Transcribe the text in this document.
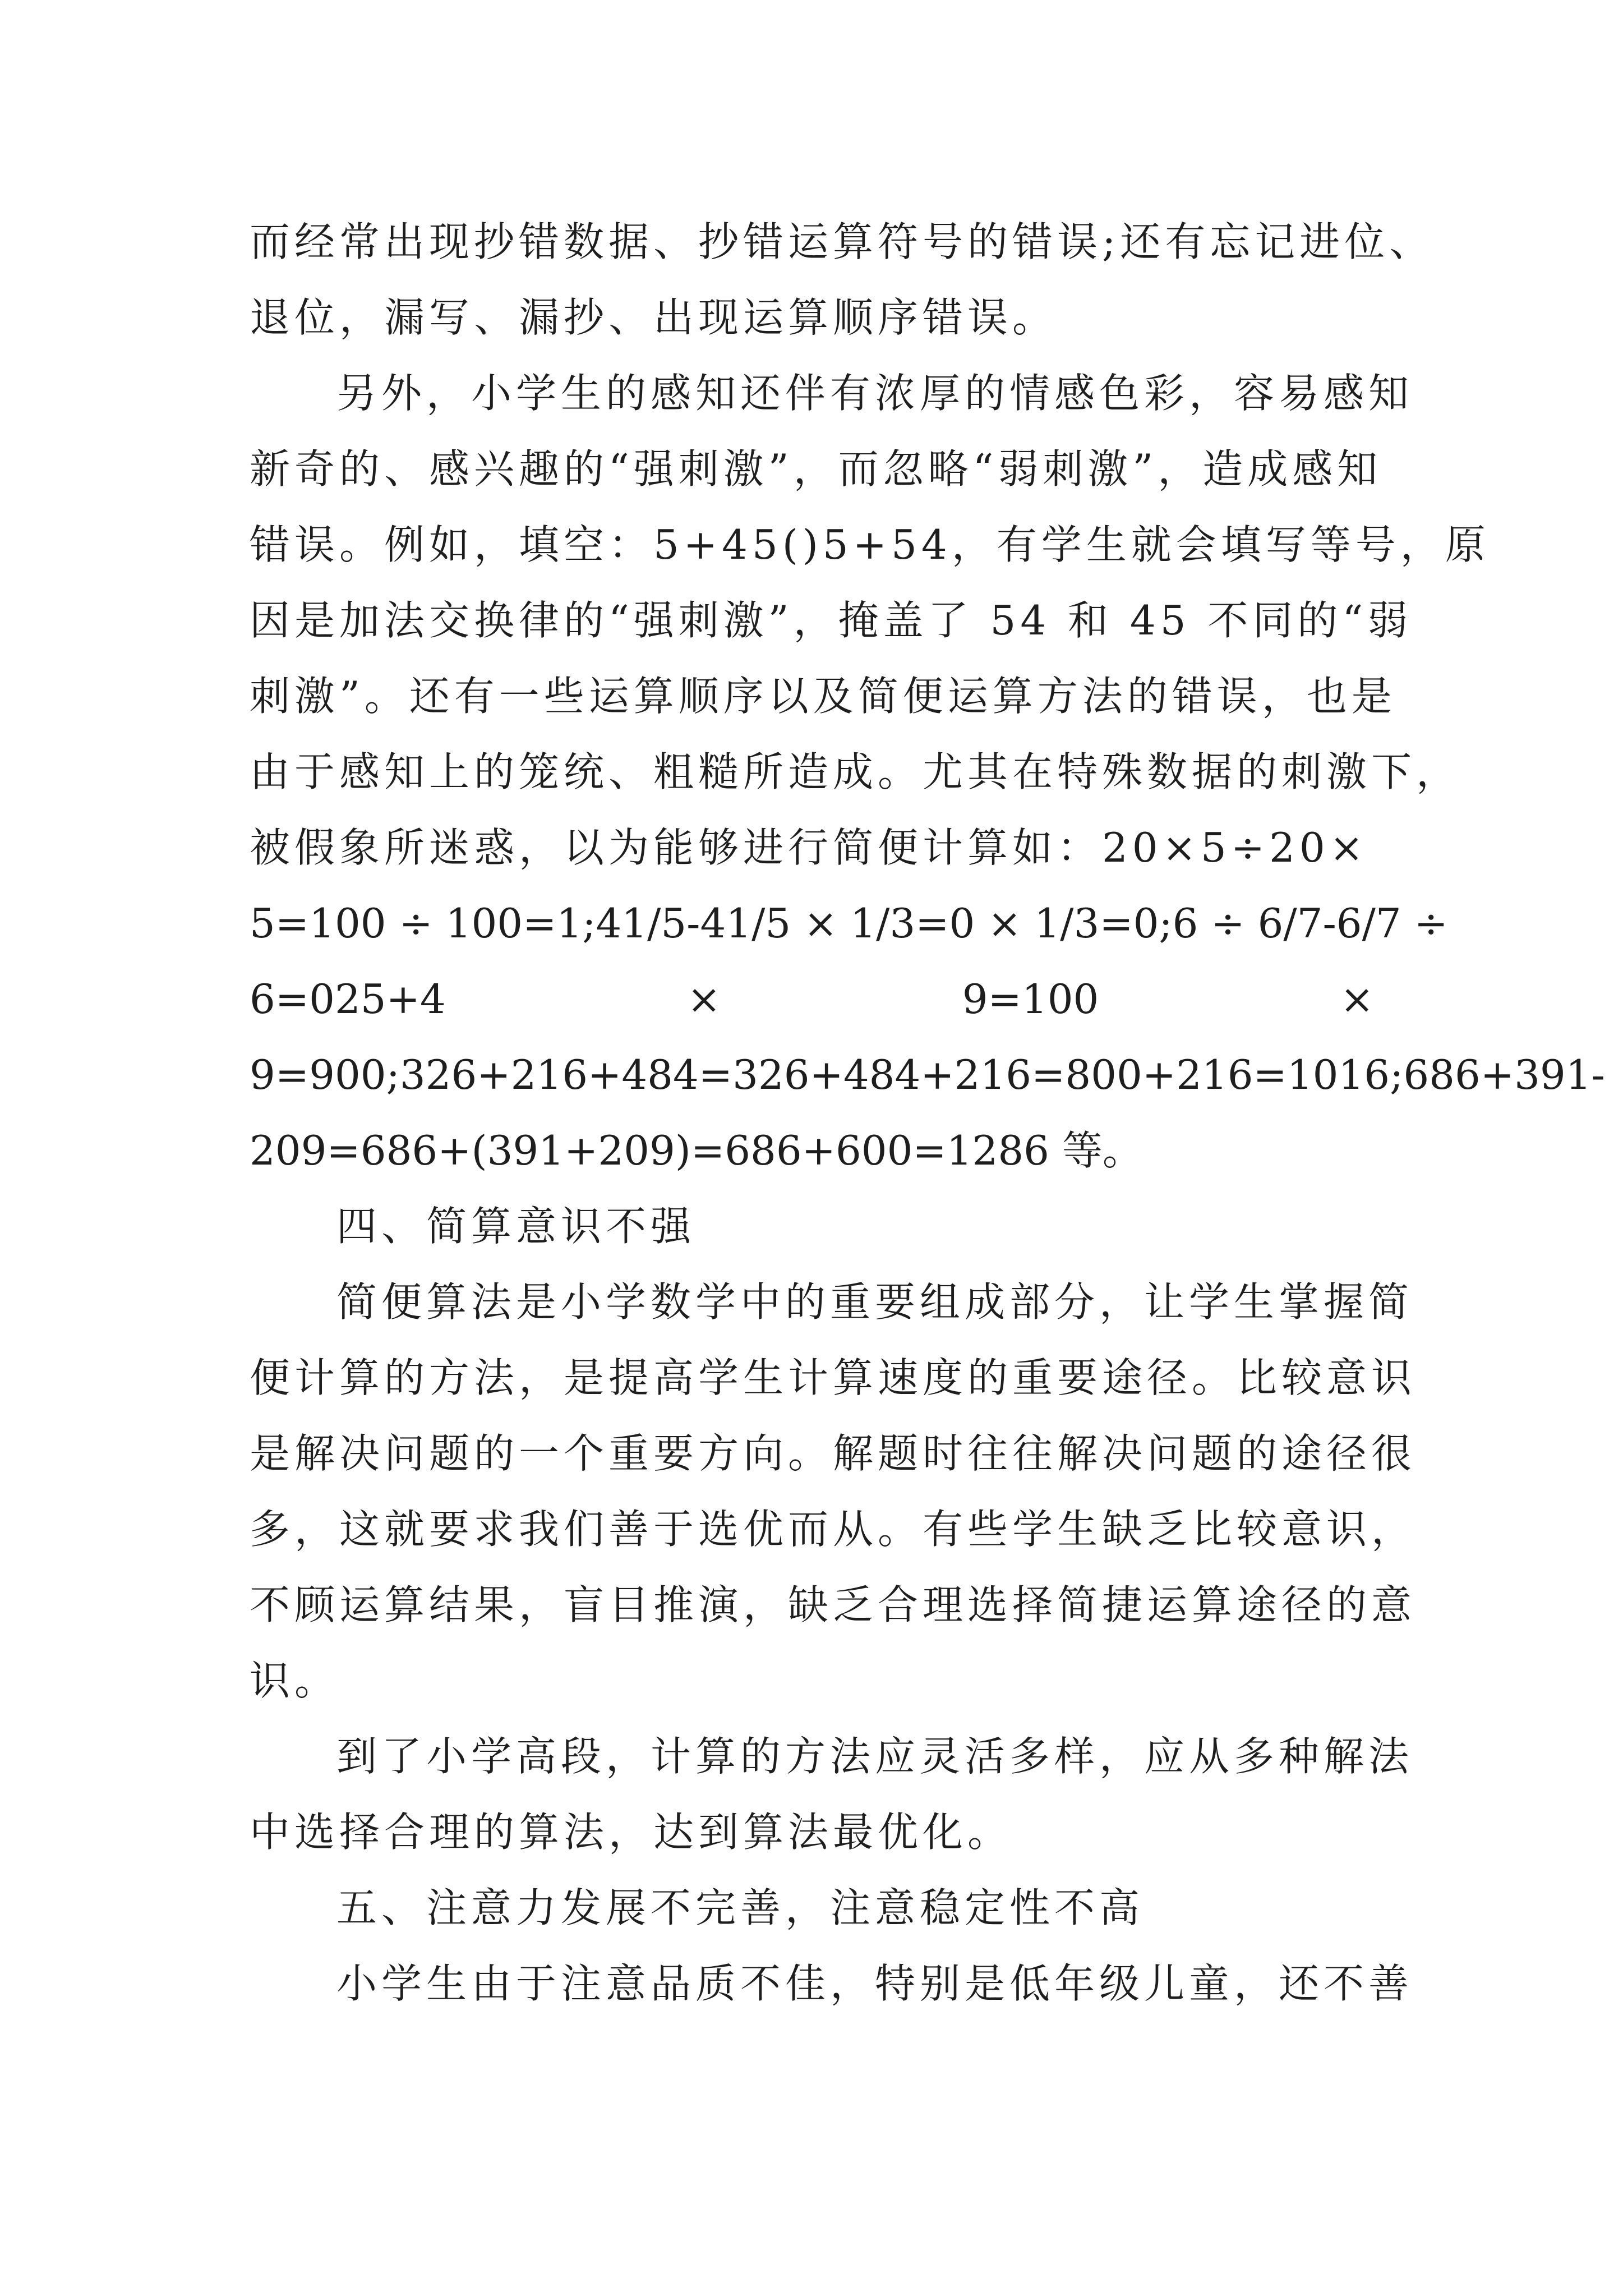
而经常出现抄错数据、抄错运算符号的错误;还有忘记进位、
退位，漏写、漏抄、出现运算顺序错误。
另外，小学生的感知还伴有浓厚的情感色彩，容易感知
新奇的、感兴趣的“强刺激”，而忽略“弱刺激”，造成感知
错误。例如，填空：5+45()5+54，有学生就会填写等号，原
因是加法交换律的“强刺激”，掩盖了 54 和 45 不同的“弱
刺激”。还有一些运算顺序以及简便运算方法的错误，也是
由于感知上的笼统、粗糙所造成。尤其在特殊数据的刺激下，
被假象所迷惑，以为能够进行简便计算如：20×5÷20×
5=100 ÷ 100=1;41/5-41/5 × 1/3=0 × 1/3=0;6 ÷ 6/7-6/7 ÷
6=025+4	×	9=100	×
9=900;326+216+484=326+484+216=800+216=1016;686+391-
209=686+(391+209)=686+600=1286 等。
四、简算意识不强
简便算法是小学数学中的重要组成部分，让学生掌握简
便计算的方法，是提高学生计算速度的重要途径。比较意识
是解决问题的一个重要方向。解题时往往解决问题的途径很
多，这就要求我们善于选优而从。有些学生缺乏比较意识，
不顾运算结果，盲目推演，缺乏合理选择简捷运算途径的意
识。
到了小学高段，计算的方法应灵活多样，应从多种解法
中选择合理的算法，达到算法最优化。
五、注意力发展不完善，注意稳定性不高
小学生由于注意品质不佳，特别是低年级儿童，还不善
